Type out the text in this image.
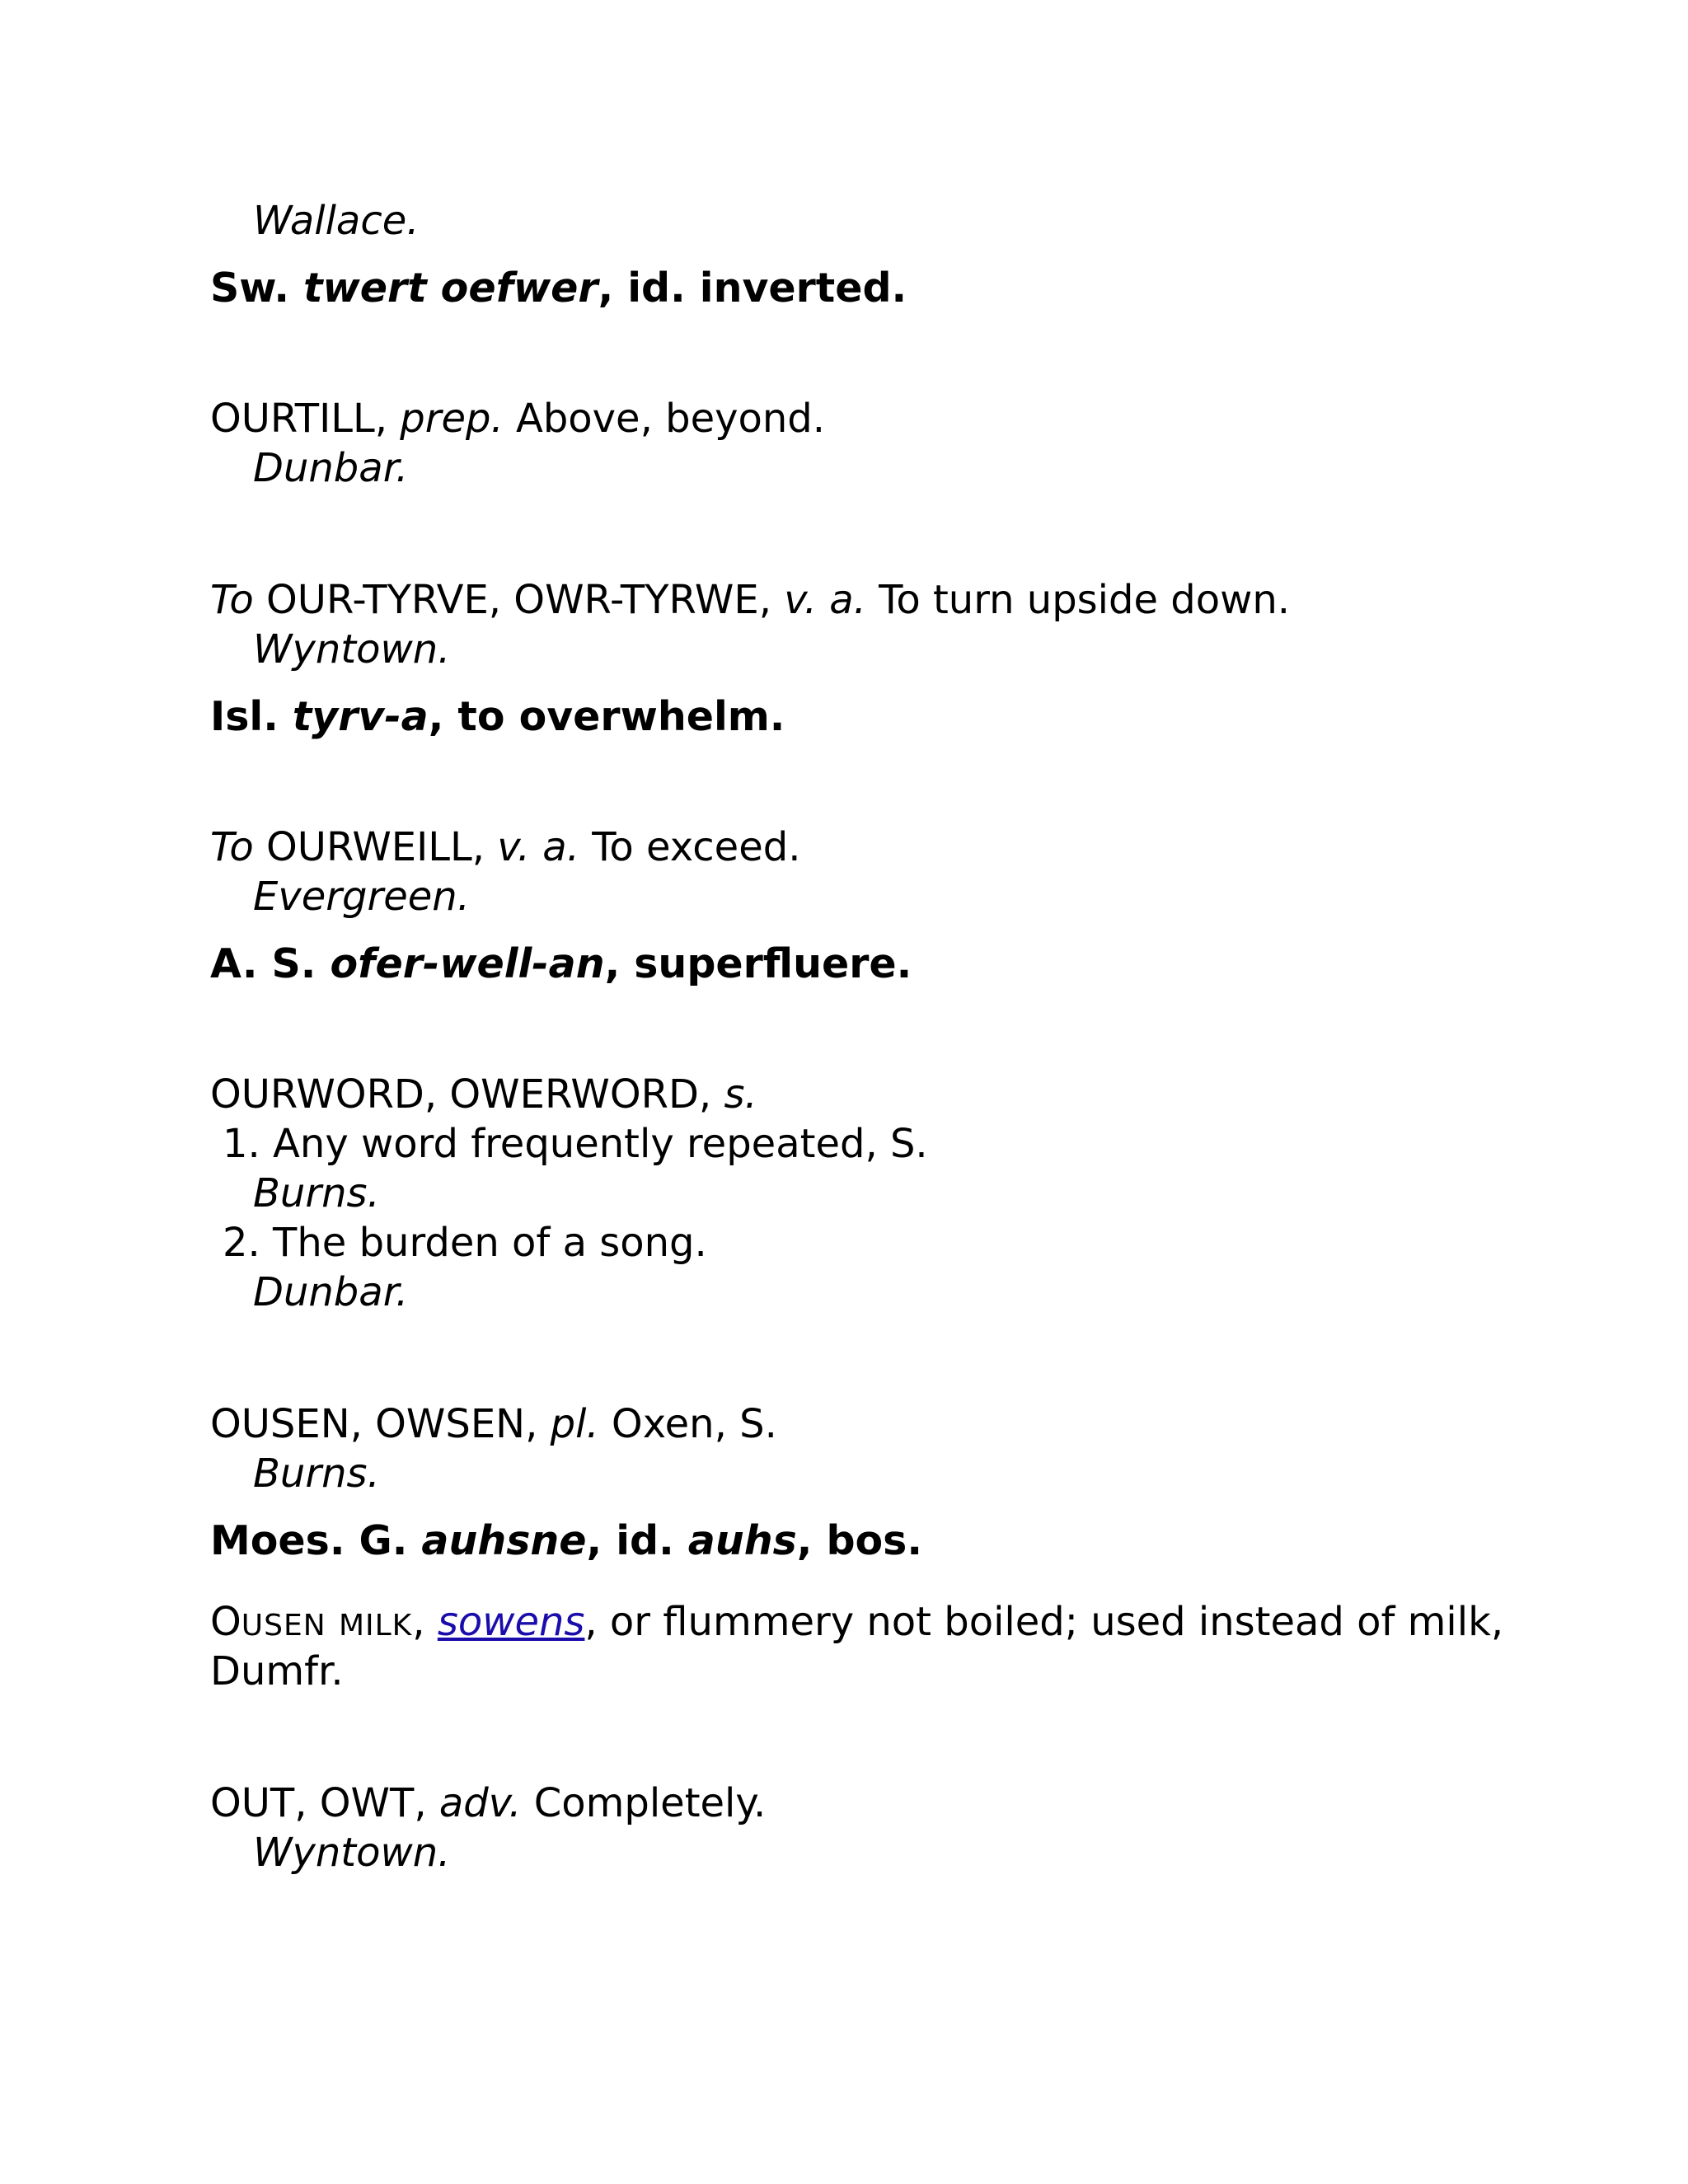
Wallace.
Sw. twert oefwer, id. inverted.
OURTILL, prep. Above, beyond.
Dunbar.
To OUR-TYRVE, OWR-TYRWE, v. a. To turn upside down.
Wyntown.
Isl. tyrv-a, to overwhelm.
To OURWEILL, v. a. To exceed.
Evergreen.
A. S. ofer-well-an, superfluere.
OURWORD, OWERWORD, s.
1. Any word frequently repeated, S.
Burns.
2. The burden of a song.
Dunbar.
OUSEN, OWSEN, pl. Oxen, S.
Burns.
Moes. G. auhsne, id. auhs, bos.
OUSEN MILK, sowens, or flummery not boiled; used instead of milk,
Dumfr.
OUT, OWT, adv. Completely.
Wyntown.
